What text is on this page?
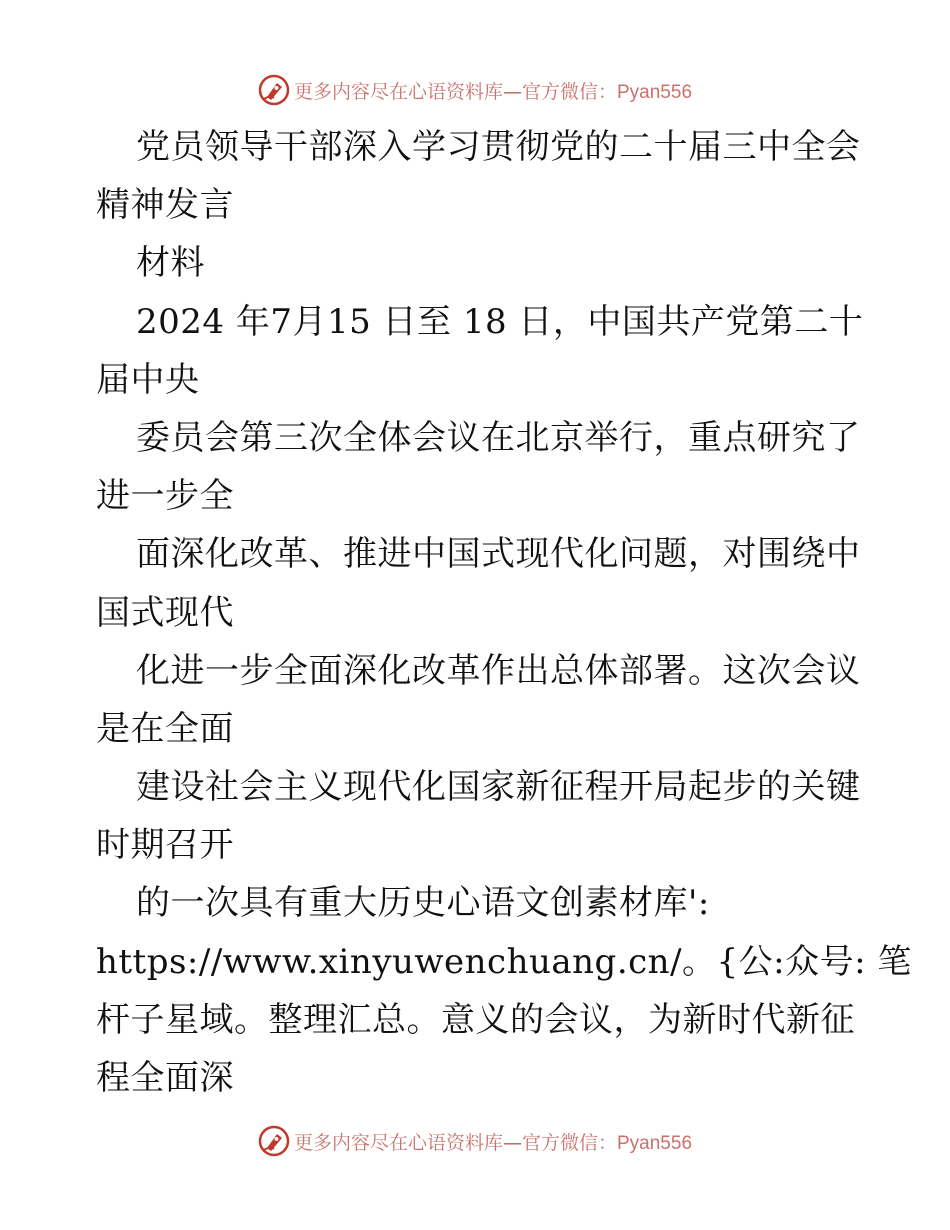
更多内容尽在心语资料库—官方微信：Pyan556
党员领导干部深入学习贯彻党的二十届三中全会
精神发言
材料
2024 年7月15 日至 18 日，中国共产党第二十
届中央
委员会第三次全体会议在北京举行，重点研究了
进一步全
面深化改革、推进中国式现代化问题，对围绕中
国式现代
化进一步全面深化改革作出总体部署。这次会议
是在全面
建设社会主义现代化国家新征程开局起步的关键
时期召开
的一次具有重大历史心语文创素材库':
https://www.xinyuwenchuang.cn/。{公:众号: 笔
杆子星域。整理汇总。意义的会议，为新时代新征
程全面深
更多内容尽在心语资料库—官方微信：Pyan556
